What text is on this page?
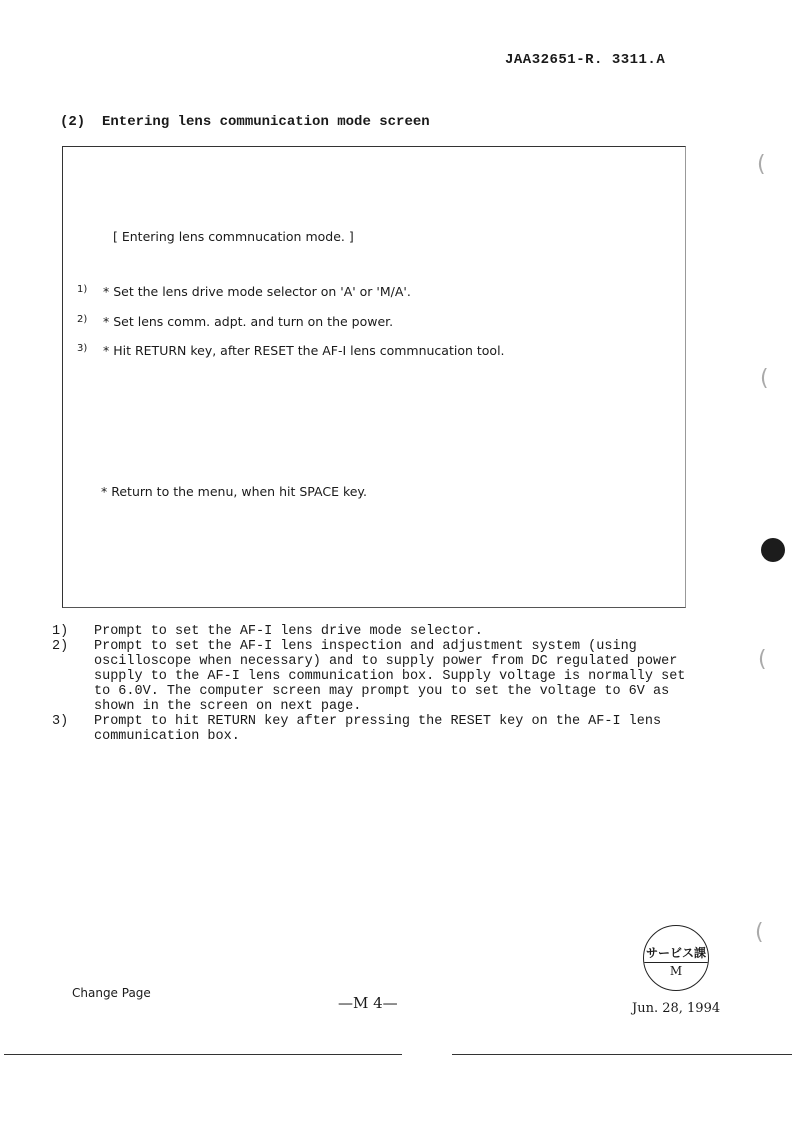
JAA32651-R. 3311.A
(2)  Entering lens communication mode screen
[ Entering lens commnucation mode. ]
1) * Set the lens drive mode selector on 'A' or 'M/A'.
2) * Set lens comm. adpt. and turn on the power.
3) * Hit RETURN key, after RESET the AF-I lens commnucation tool.
* Return to the menu, when hit SPACE key.
1)	Prompt to set the AF-I lens drive mode selector.
2)	Prompt to set the AF-I lens inspection and adjustment system (using oscilloscope when necessary) and to supply power from DC regulated power supply to the AF-I lens communication box. Supply voltage is normally set to 6.0V. The computer screen may prompt you to set the voltage to 6V as shown in the screen on next page.
3)	Prompt to hit RETURN key after pressing the RESET key on the AF-I lens communication box.
サービス課
M
Change Page
—M 4—	Jun. 28, 1994
(
(
(
(
